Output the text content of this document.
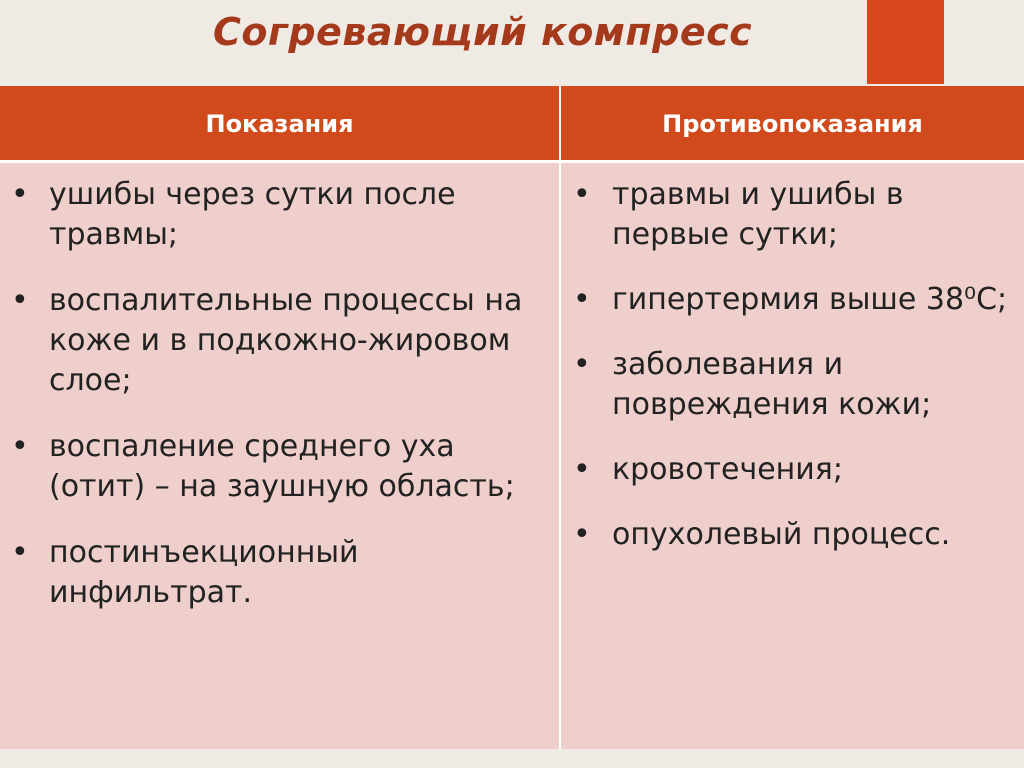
Согревающий компресс
Показания	Противопоказания
• ушибы через сутки после травмы;
• воспалительные процессы на коже и в подкожно-жировом слое;
• воспаление среднего уха (отит) – на заушную область;
• постинъекционный инфильтрат.
• травмы и ушибы в первые сутки;
• гипертермия выше 38⁰С;
• заболевания и повреждения кожи;
• кровотечения;
• опухолевый процесс.
